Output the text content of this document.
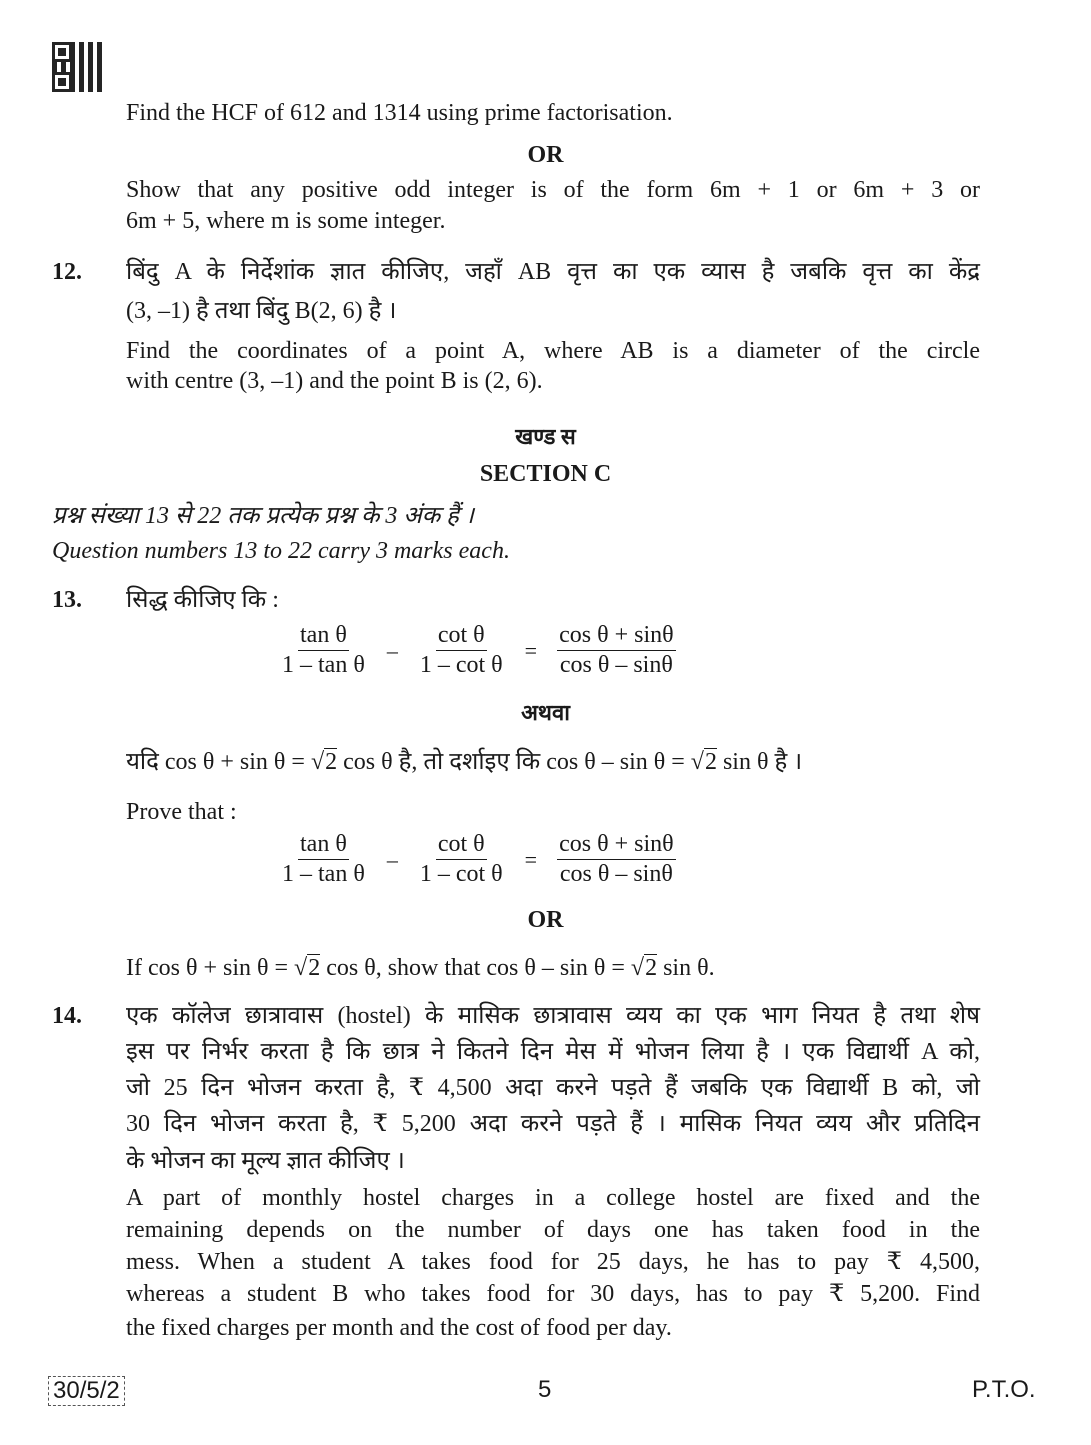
Find the HCF of 612 and 1314 using prime factorisation.
OR
Show that any positive odd integer is of the form 6m + 1 or 6m + 3 or
6m + 5, where m is some integer.
12. बिंदु A के निर्देशांक ज्ञात कीजिए, जहाँ AB वृत्त का एक व्यास है जबकि वृत्त का केंद्र
(3, –1) है तथा बिंदु B(2, 6) है ।
Find the coordinates of a point A, where AB is a diameter of the circle
with centre (3, –1) and the point B is (2, 6).
खण्ड स
SECTION C
प्रश्न संख्या 13 से 22 तक प्रत्येक प्रश्न के 3 अंक हैं ।
Question numbers 13 to 22 carry 3 marks each.
13. सिद्ध कीजिए कि :
$\frac{\text{tan θ}}{\text{1 – tan θ}} - \frac{\text{cot θ}}{\text{1 – cot θ}} = \frac{\text{cos θ + sinθ}}{\text{cos θ – sinθ}}$
अथवा
यदि cos θ + sin θ = √2 cos θ है, तो दर्शाइए कि cos θ – sin θ = √2 sin θ है ।
Prove that :
$\frac{\text{tan θ}}{\text{1 – tan θ}} - \frac{\text{cot θ}}{\text{1 – cot θ}} = \frac{\text{cos θ + sinθ}}{\text{cos θ – sinθ}}$
OR
If cos θ + sin θ = √2 cos θ, show that cos θ – sin θ = √2 sin θ.
14. एक कॉलेज छात्रावास (hostel) के मासिक छात्रावास व्यय का एक भाग नियत है तथा शेष
इस पर निर्भर करता है कि छात्र ने कितने दिन मेस में भोजन लिया है । एक विद्यार्थी A को,
जो 25 दिन भोजन करता है, ₹ 4,500 अदा करने पड़ते हैं जबकि एक विद्यार्थी B को, जो
30 दिन भोजन करता है, ₹ 5,200 अदा करने पड़ते हैं । मासिक नियत व्यय और प्रतिदिन
के भोजन का मूल्य ज्ञात कीजिए ।
A part of monthly hostel charges in a college hostel are fixed and the
remaining depends on the number of days one has taken food in the
mess. When a student A takes food for 25 days, he has to pay ₹ 4,500,
whereas a student B who takes food for 30 days, has to pay ₹ 5,200. Find
the fixed charges per month and the cost of food per day.
30/5/2	5	P.T.O.
